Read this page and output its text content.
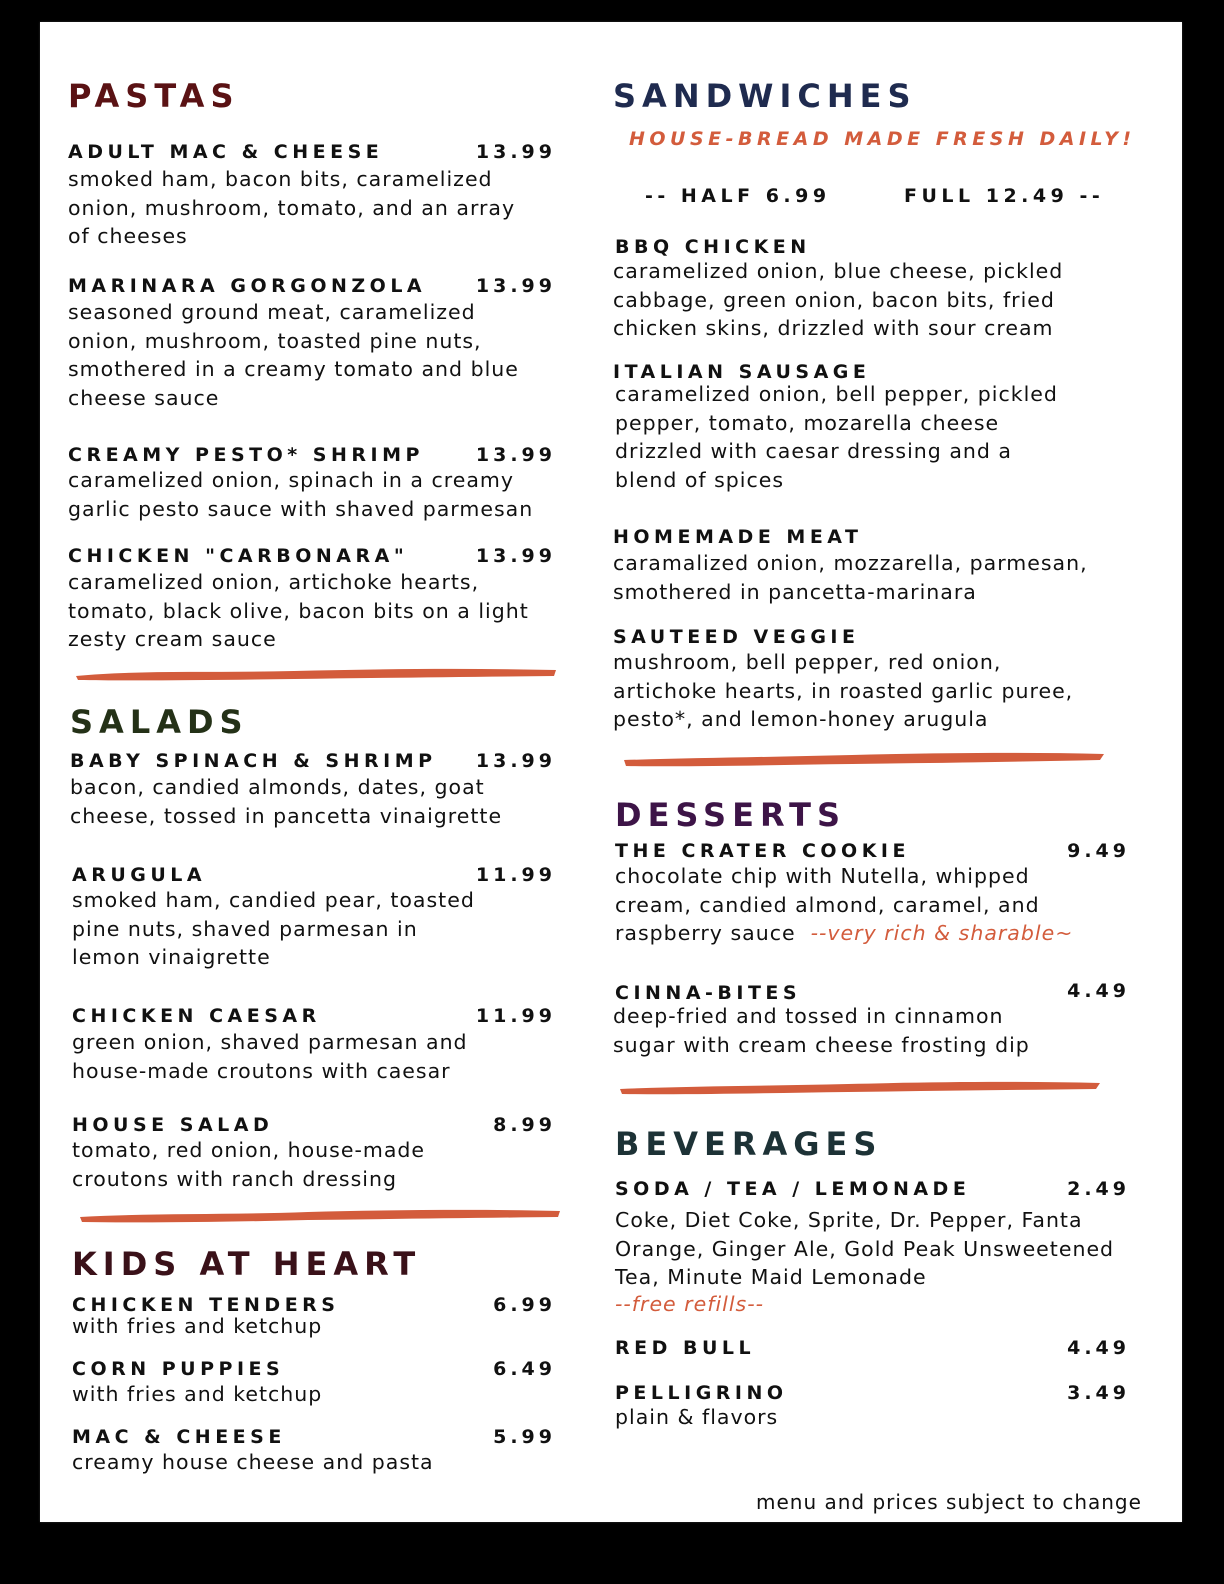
PASTAS
ADULT MAC & CHEESE	13.99
smoked ham, bacon bits, caramelized onion, mushroom, tomato, and an array of cheeses
MARINARA GORGONZOLA	13.99
seasoned ground meat, caramelized onion, mushroom, toasted pine nuts, smothered in a creamy tomato and blue cheese sauce
CREAMY PESTO* SHRIMP	13.99
caramelized onion, spinach in a creamy garlic pesto sauce with shaved parmesan
CHICKEN "CARBONARA"	13.99
caramelized onion, artichoke hearts, tomato, black olive, bacon bits on a light zesty cream sauce
SALADS
BABY SPINACH & SHRIMP	13.99
bacon, candied almonds, dates, goat cheese, tossed in pancetta vinaigrette
ARUGULA	11.99
smoked ham, candied pear, toasted pine nuts, shaved parmesan in lemon vinaigrette
CHICKEN CAESAR	11.99
green onion, shaved parmesan and house-made croutons with caesar
HOUSE SALAD	8.99
tomato, red onion, house-made croutons with ranch dressing
KIDS AT HEART
CHICKEN TENDERS	6.99
with fries and ketchup
CORN PUPPIES	6.49
with fries and ketchup
MAC & CHEESE	5.99
creamy house cheese and pasta
SANDWICHES
HOUSE-BREAD MADE FRESH DAILY!
-- HALF 6.99	FULL 12.49 --
BBQ CHICKEN
caramelized onion, blue cheese, pickled cabbage, green onion, bacon bits, fried chicken skins, drizzled with sour cream
ITALIAN SAUSAGE
caramelized onion, bell pepper, pickled pepper, tomato, mozarella cheese drizzled with caesar dressing and a blend of spices
HOMEMADE MEAT
caramalized onion, mozzarella, parmesan, smothered in pancetta-marinara
SAUTEED VEGGIE
mushroom, bell pepper, red onion, artichoke hearts, in roasted garlic puree, pesto*, and lemon-honey arugula
DESSERTS
THE CRATER COOKIE	9.49
chocolate chip with Nutella, whipped cream, candied almond, caramel, and raspberry sauce --very rich & sharable~
CINNA-BITES	4.49
deep-fried and tossed in cinnamon sugar with cream cheese frosting dip
BEVERAGES
SODA / TEA / LEMONADE	2.49
Coke, Diet Coke, Sprite, Dr. Pepper, Fanta Orange, Ginger Ale, Gold Peak Unsweetened Tea, Minute Maid Lemonade
--free refills--
RED BULL	4.49
PELLIGRINO	3.49
plain & flavors
menu and prices subject to change
